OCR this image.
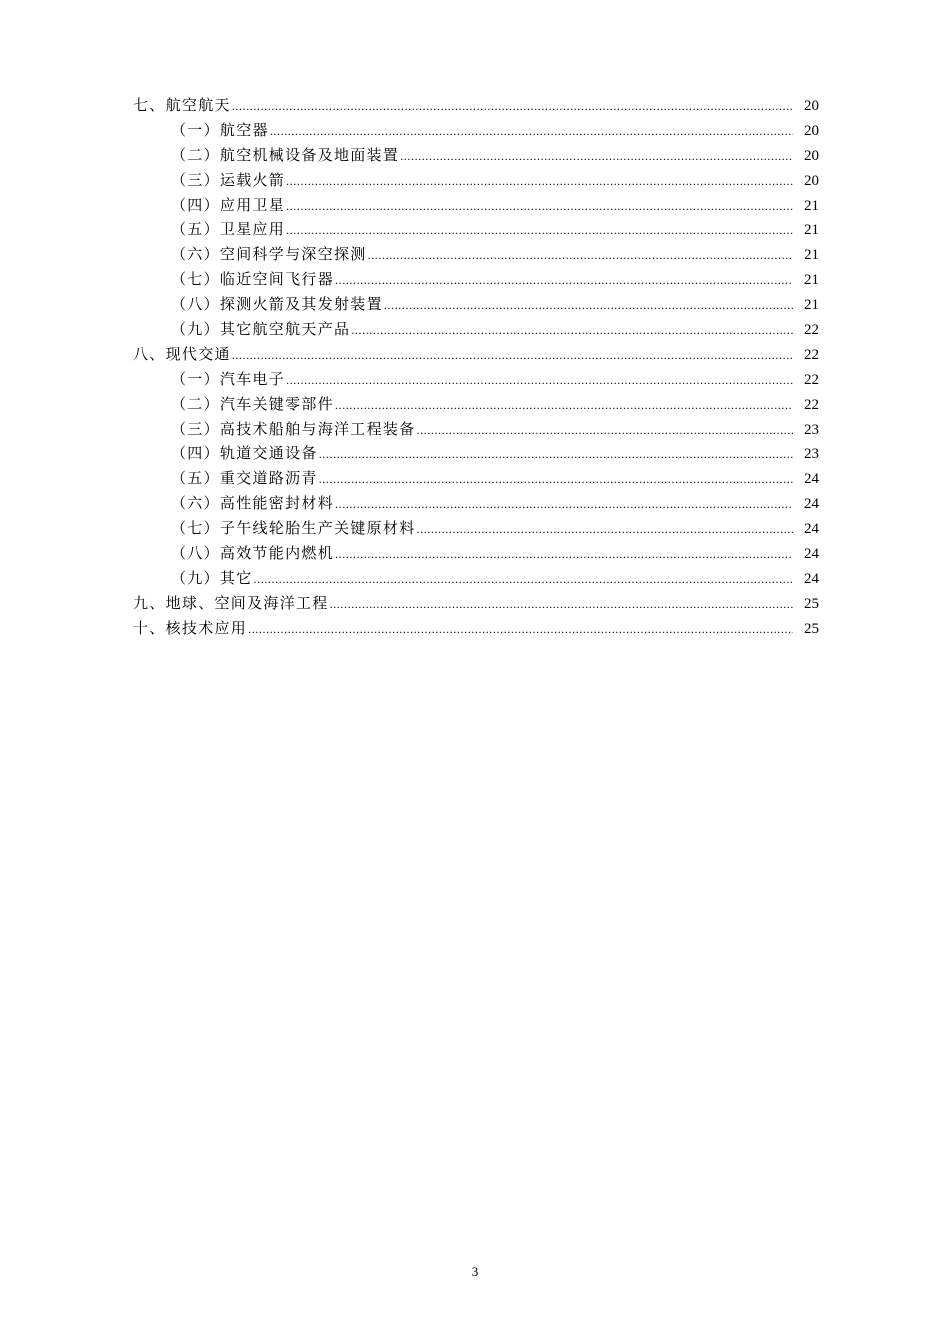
七、航空航天 .....	20
（一）航空器 .....	20
（二）航空机械设备及地面装置 .....	20
（三）运载火箭 .....	20
（四）应用卫星 .....	21
（五）卫星应用 .....	21
（六）空间科学与深空探测 .....	21
（七）临近空间飞行器 .....	21
（八）探测火箭及其发射装置 .....	21
（九）其它航空航天产品 .....	22
八、现代交通 .....	22
（一）汽车电子 .....	22
（二）汽车关键零部件 .....	22
（三）高技术船舶与海洋工程装备 .....	23
（四）轨道交通设备 .....	23
（五）重交道路沥青 .....	24
（六）高性能密封材料 .....	24
（七）子午线轮胎生产关键原材料 .....	24
（八）高效节能内燃机 .....	24
（九）其它 .....	24
九、地球、空间及海洋工程 .....	25
十、核技术应用 .....	25
3
